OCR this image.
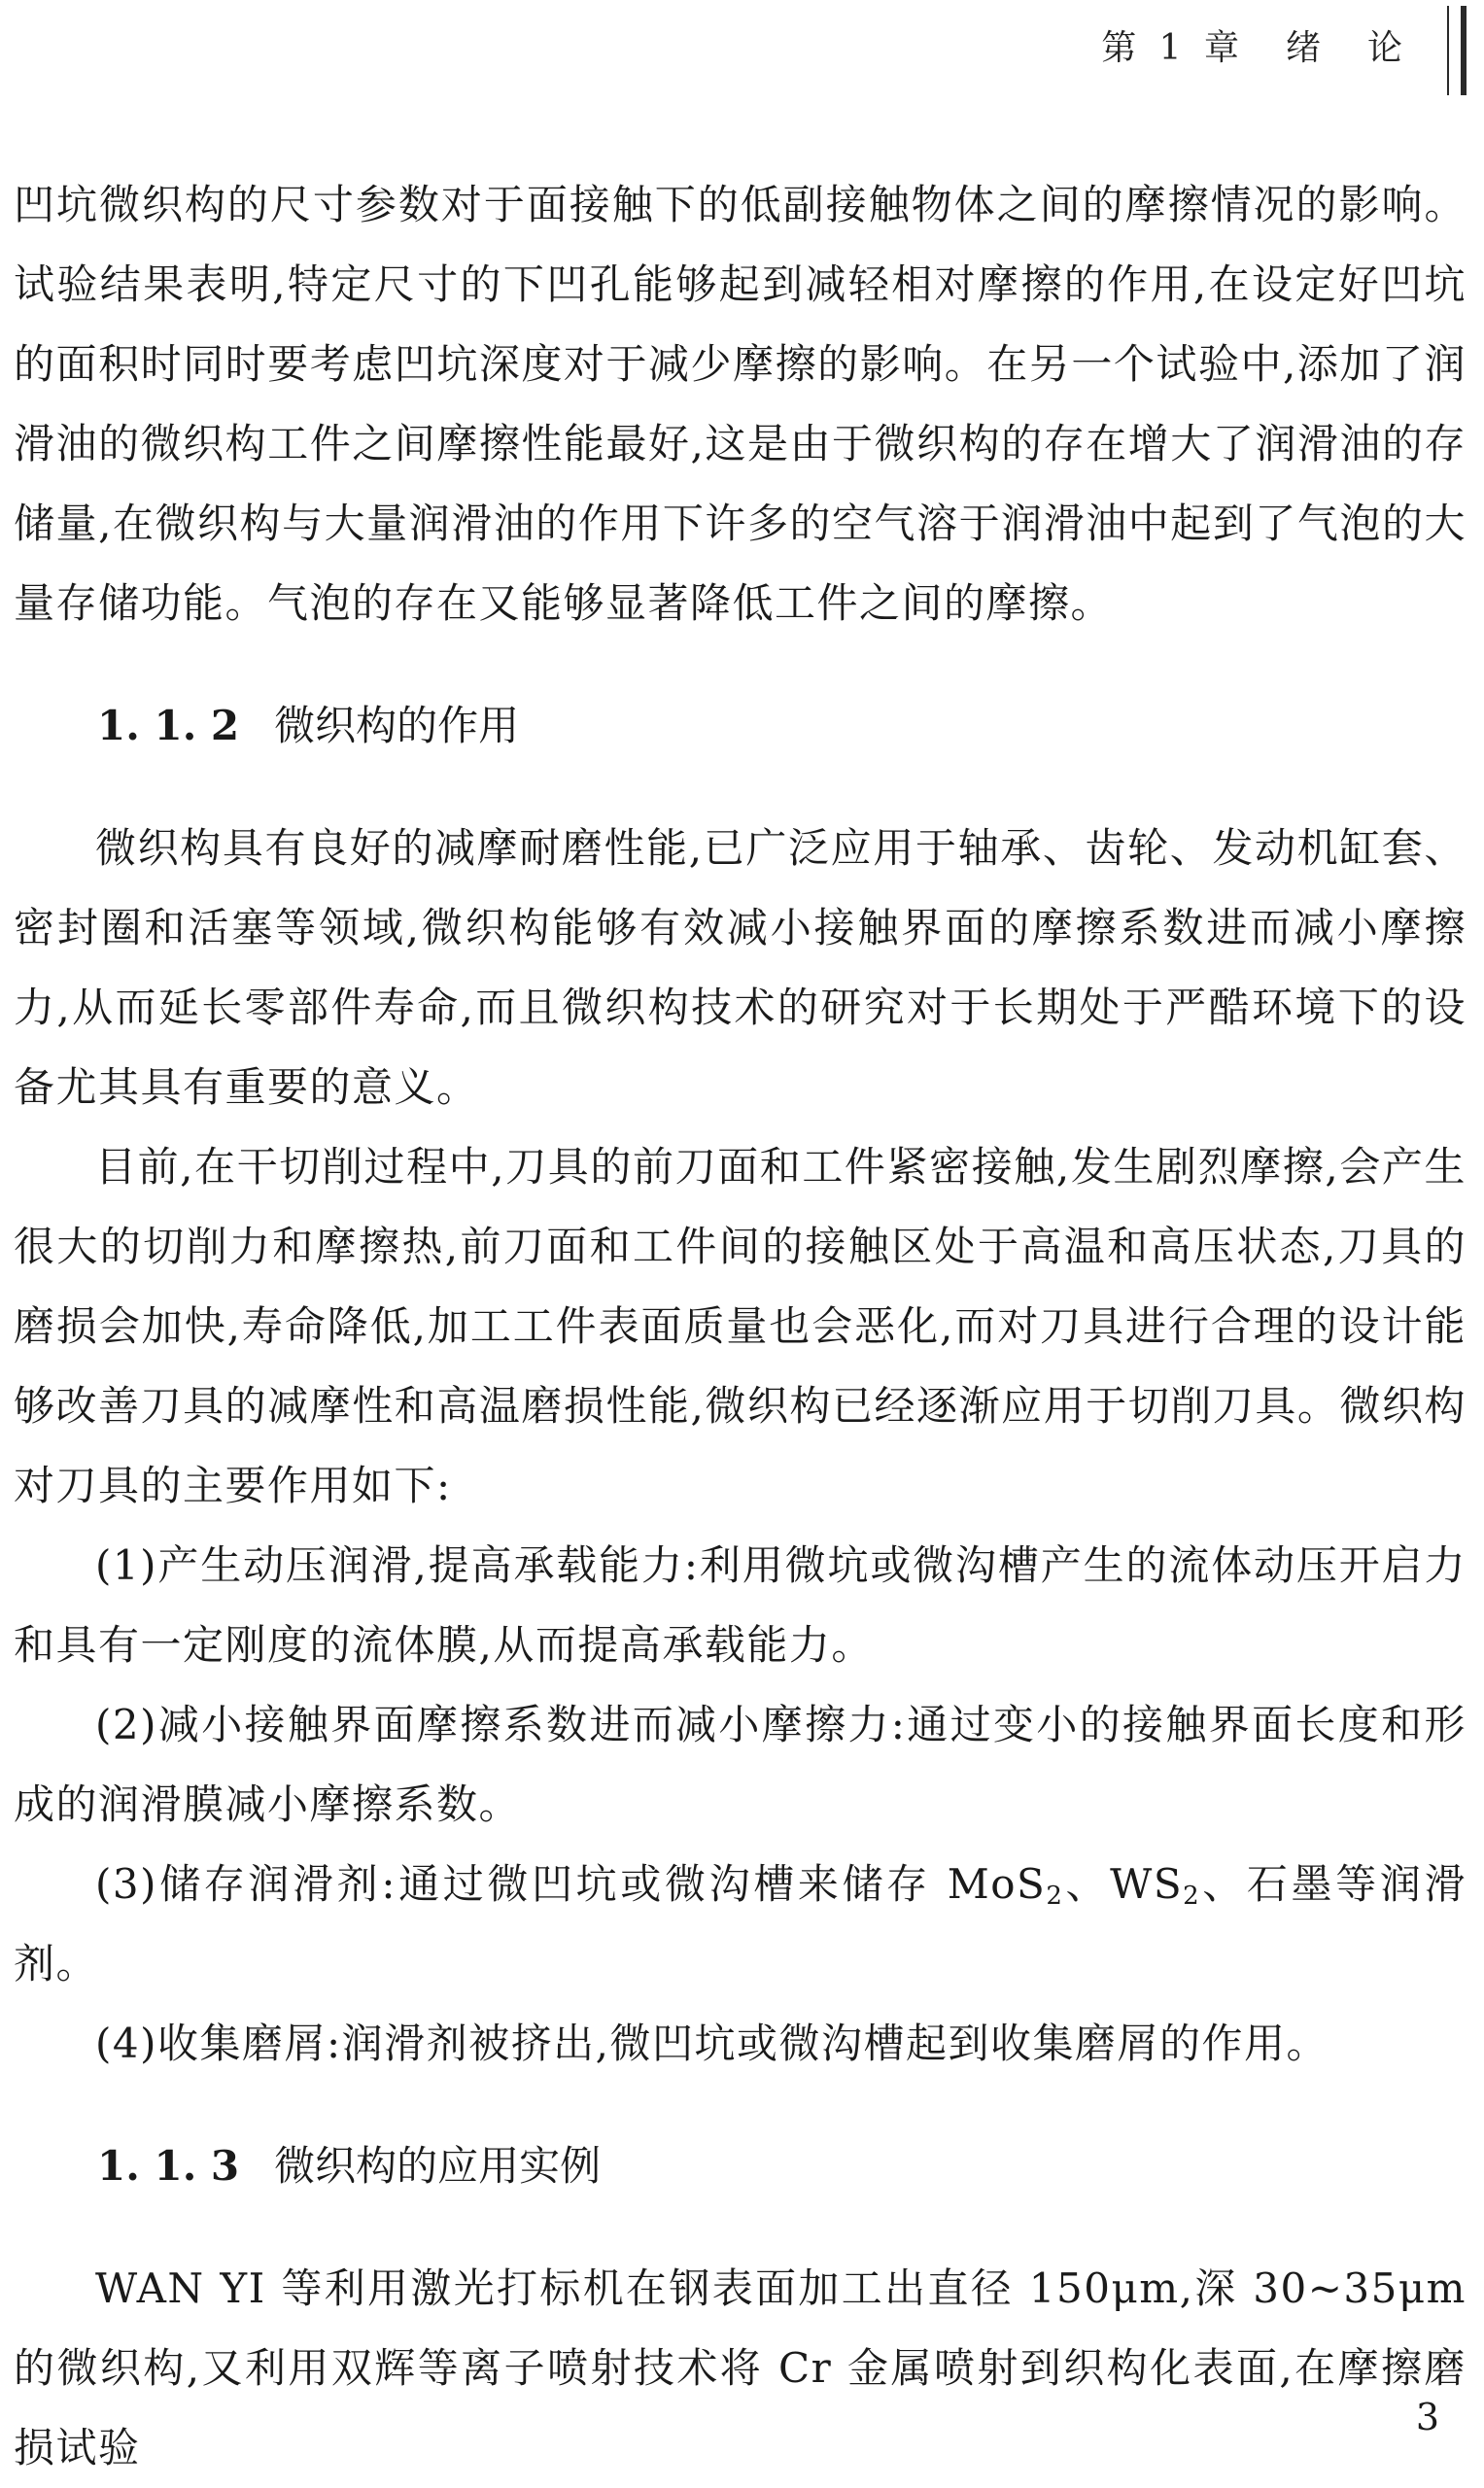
第 1 章　绪　论

凹坑微织构的尺寸参数对于面接触下的低副接触物体之间的摩擦情况的影响。试验结果表明,特定尺寸的下凹孔能够起到减轻相对摩擦的作用,在设定好凹坑的面积时同时要考虑凹坑深度对于减少摩擦的影响。在另一个试验中,添加了润滑油的微织构工件之间摩擦性能最好,这是由于微织构的存在增大了润滑油的存储量,在微织构与大量润滑油的作用下许多的空气溶于润滑油中起到了气泡的大量存储功能。气泡的存在又能够显著降低工件之间的摩擦。

1. 1. 2 微织构的作用

微织构具有良好的减摩耐磨性能,已广泛应用于轴承、齿轮、发动机缸套、密封圈和活塞等领域,微织构能够有效减小接触界面的摩擦系数进而减小摩擦力,从而延长零部件寿命,而且微织构技术的研究对于长期处于严酷环境下的设备尤其具有重要的意义。

目前,在干切削过程中,刀具的前刀面和工件紧密接触,发生剧烈摩擦,会产生很大的切削力和摩擦热,前刀面和工件间的接触区处于高温和高压状态,刀具的磨损会加快,寿命降低,加工工件表面质量也会恶化,而对刀具进行合理的设计能够改善刀具的减摩性和高温磨损性能,微织构已经逐渐应用于切削刀具。微织构对刀具的主要作用如下:

(1)产生动压润滑,提高承载能力:利用微坑或微沟槽产生的流体动压开启力和具有一定刚度的流体膜,从而提高承载能力。

(2)减小接触界面摩擦系数进而减小摩擦力:通过变小的接触界面长度和形成的润滑膜减小摩擦系数。

(3)储存润滑剂:通过微凹坑或微沟槽来储存 MoS$_2$、$WS_2$、石墨等润滑剂。

(4)收集磨屑:润滑剂被挤出,微凹坑或微沟槽起到收集磨屑的作用。

1. 1. 3 微织构的应用实例

WAN YI 等利用激光打标机在钢表面加工出直径 150μm,深 30~35μm 的微织构,又利用双辉等离子喷射技术将 Cr 金属喷射到织构化表面,在摩擦磨损试验

3
